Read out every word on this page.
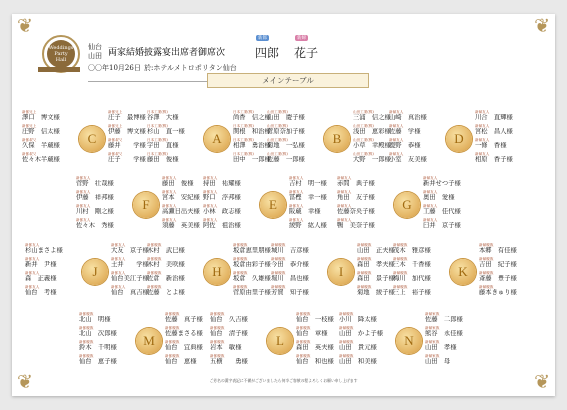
❦	❦
❦	❦
Weddings
Party
Hall
仙台
山田 両家結婚披露宴出席者御席次
〇〇年10月26日 於:ホテルメトロポリタン仙台
新郎
四郎
新婦
花子
メインテーブル
C
新郎兄上
澤口　博文様
新郎兄上
庄野　信太様
新郎叔父
久保　半蔵様
新郎叔父
佐々木半蔵様
新郎兄上
庄子　最博様
新郎兄上
伊藤　博文様
新郎叔父
藤井　　学様
新郎叔父
庄子　　学様
A
日本工業(株)
谷澤　大様
日本工業(株)
杉山　直一様
日本工業(株)
宇田　直様
日本工業(株)
藤田　俊様
日本工業(株)
尚香　信之様
日本工業(株)
関根　和治様
日本工業(株)
相澤　勇治様
日本工業(株)
田中　一郎様
B
山田工業(株)
山田　慶子様
山田工業(株)
菅原奈加子様
山田工業(株)
菊地　一弘様
山田工業(株)
佐藤　一郎様
山田工業(株)
三浦　信之様
山田工業(株)
浅田　恵彩様
山田工業(株)
小草　幸殿様
山田工業(株)
大野　一郎様
D
新婦友人
山崎　真治様
新婦友人
佐藤　学様
新婦友人
鹿野　恭様
新婦友人
小室　友美様
新婦友人
川合　直輝様
新婦友人
宮松　昌人様
新婦友人
一條　香様
新婦友人
相原　香子様
F
新郎友人
菅野　壮哉様
新郎友人
伊藤　祥邦様
新郎友人
川村　剛之様
新郎友人
佐々木　秀様
新郎友人
藤田　俊様
新郎友人
宮本　安紀様
新郎友人
高瀬日出夫様
新郎友人
須藤　英美様
E
新郎友人
持田　祐耀様
新郎友人
野口　浮邦様
新郎友人
小林　政志様
新郎友人
阿佐　祖治様
新郎友人
吉村　明一様
新郎友人
冨樫　幸一様
新郎友人
阪蔵　幸様
新郎友人
綾野　紘人様
G
新婦友人
赤間　典子様
新婦友人
角田　友子様
新婦友人
佐藤奈央子様
新婦友人
鴨　美奈子様
新婦友人
新井せつ子様
新婦友人
奥田　愛様
新婦友人
工藤　佳代様
新婦友人
臼井　京子様
J
新郎友人
杉山まさよ様
新郎友人
新井　尹様
新郎友人
森　正義様
新郎友人
仙台　考様
新郎友人
大友　京子様
新郎友人
土井　　学様
新郎友人
仙台美江子様
新郎友人
仙台　真吉様
H
新郎親族
木村　武巳様
新郎親族
木村　美咲様
新郎親族
佐倉　新治様
新郎親族
佐藤　とよ様
新郎親族
坂倉恵里朋様
新郎親族
坂倉由彩子様
新郎親族
坂倉　久雄様
新郎親族
菅原由里子様
I
新婦親族
城川　吉彦様
新婦親族
今田　恭介様
新婦親族
堀川　昌也様
新婦親族
芳賀　知子様
新婦親族
山田　正夫様
新婦親族
森田　孝夫様
新婦親族
森田　景子様
新婦親族
菊地　綾子様
K
新婦親族
茂木　雅彦様
新婦親族
三木　千香様
新婦親族
梅川　加代様
新婦親族
三上　裕子様
新婦親族
本郷　有佳様
新婦親族
吉田　紀子様
新婦親族
斎藤　豊子様
新婦親族
藤本きゅり様
M
新郎親族
北山　明様
新郎親族
北山　次郎様
新郎親族
鈴木　千明様
新郎親族
仙台　恵子様
新郎親族
佐藤　真子様
新郎親族
佐藤まさる様
新郎親族
仙台　宜典様
新郎親族
仙台　恵様
L
新郎親族
仙台　久吉様
新郎親族
仙台　清子様
新郎親族
岩本　敏様
新郎親族
五横　　勇様
新郎親族
仙台　一枝様
新郎親族
仙台　章様
新郎親族
森田　英夫様
新郎親族
仙台　和也様
N
新婦親族
小川　降太様
新婦親族
山田　かよ子様
新婦親族
山田　貴元様
新婦親族
山田　和美様
新婦家族
佐藤　二郎様
新婦家族
熊谷　永佳様
新婦家族
山田　孝様
新婦家族
山田　母
ご芳名の漢字表記に不備がございましたら何卒ご容赦の程よろしくお願い申し上げます
